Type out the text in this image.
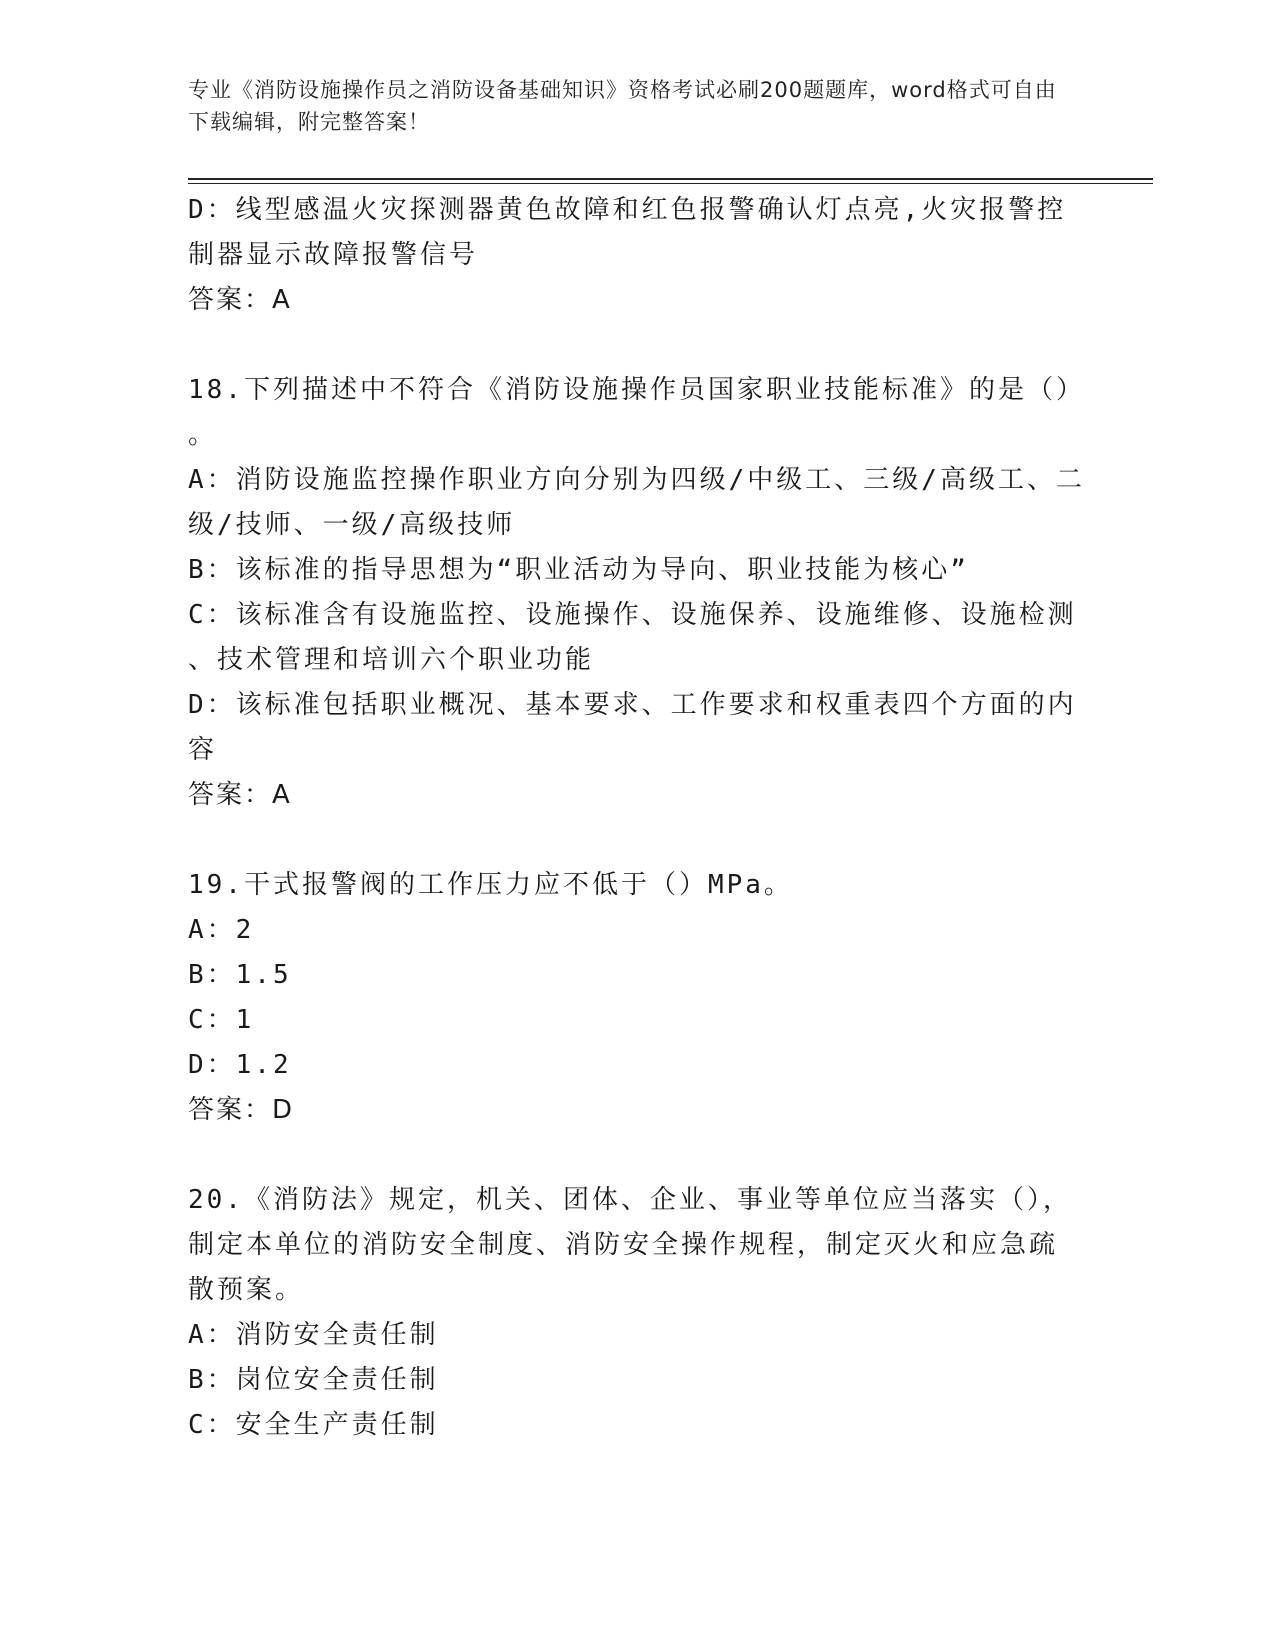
专业《消防设施操作员之消防设备基础知识》资格考试必刷200题题库，word格式可自由下载编辑，附完整答案！

D：线型感温火灾探测器黄色故障和红色报警确认灯点亮,火灾报警控

制器显示故障报警信号

答案：A

18.下列描述中不符合《消防设施操作员国家职业技能标准》的是（）

。

A：消防设施监控操作职业方向分别为四级/中级工、三级/高级工、二

级/技师、一级/高级技师

B：该标准的指导思想为“职业活动为导向、职业技能为核心”

C：该标准含有设施监控、设施操作、设施保养、设施维修、设施检测

、技术管理和培训六个职业功能

D：该标准包括职业概况、基本要求、工作要求和权重表四个方面的内

容

答案：A

19.干式报警阀的工作压力应不低于（）MPa。

A：2

B：1.5

C：1

D：1.2

答案：D

20.《消防法》规定，机关、团体、企业、事业等单位应当落实（），

制定本单位的消防安全制度、消防安全操作规程，制定灭火和应急疏

散预案。

A：消防安全责任制

B：岗位安全责任制

C：安全生产责任制
